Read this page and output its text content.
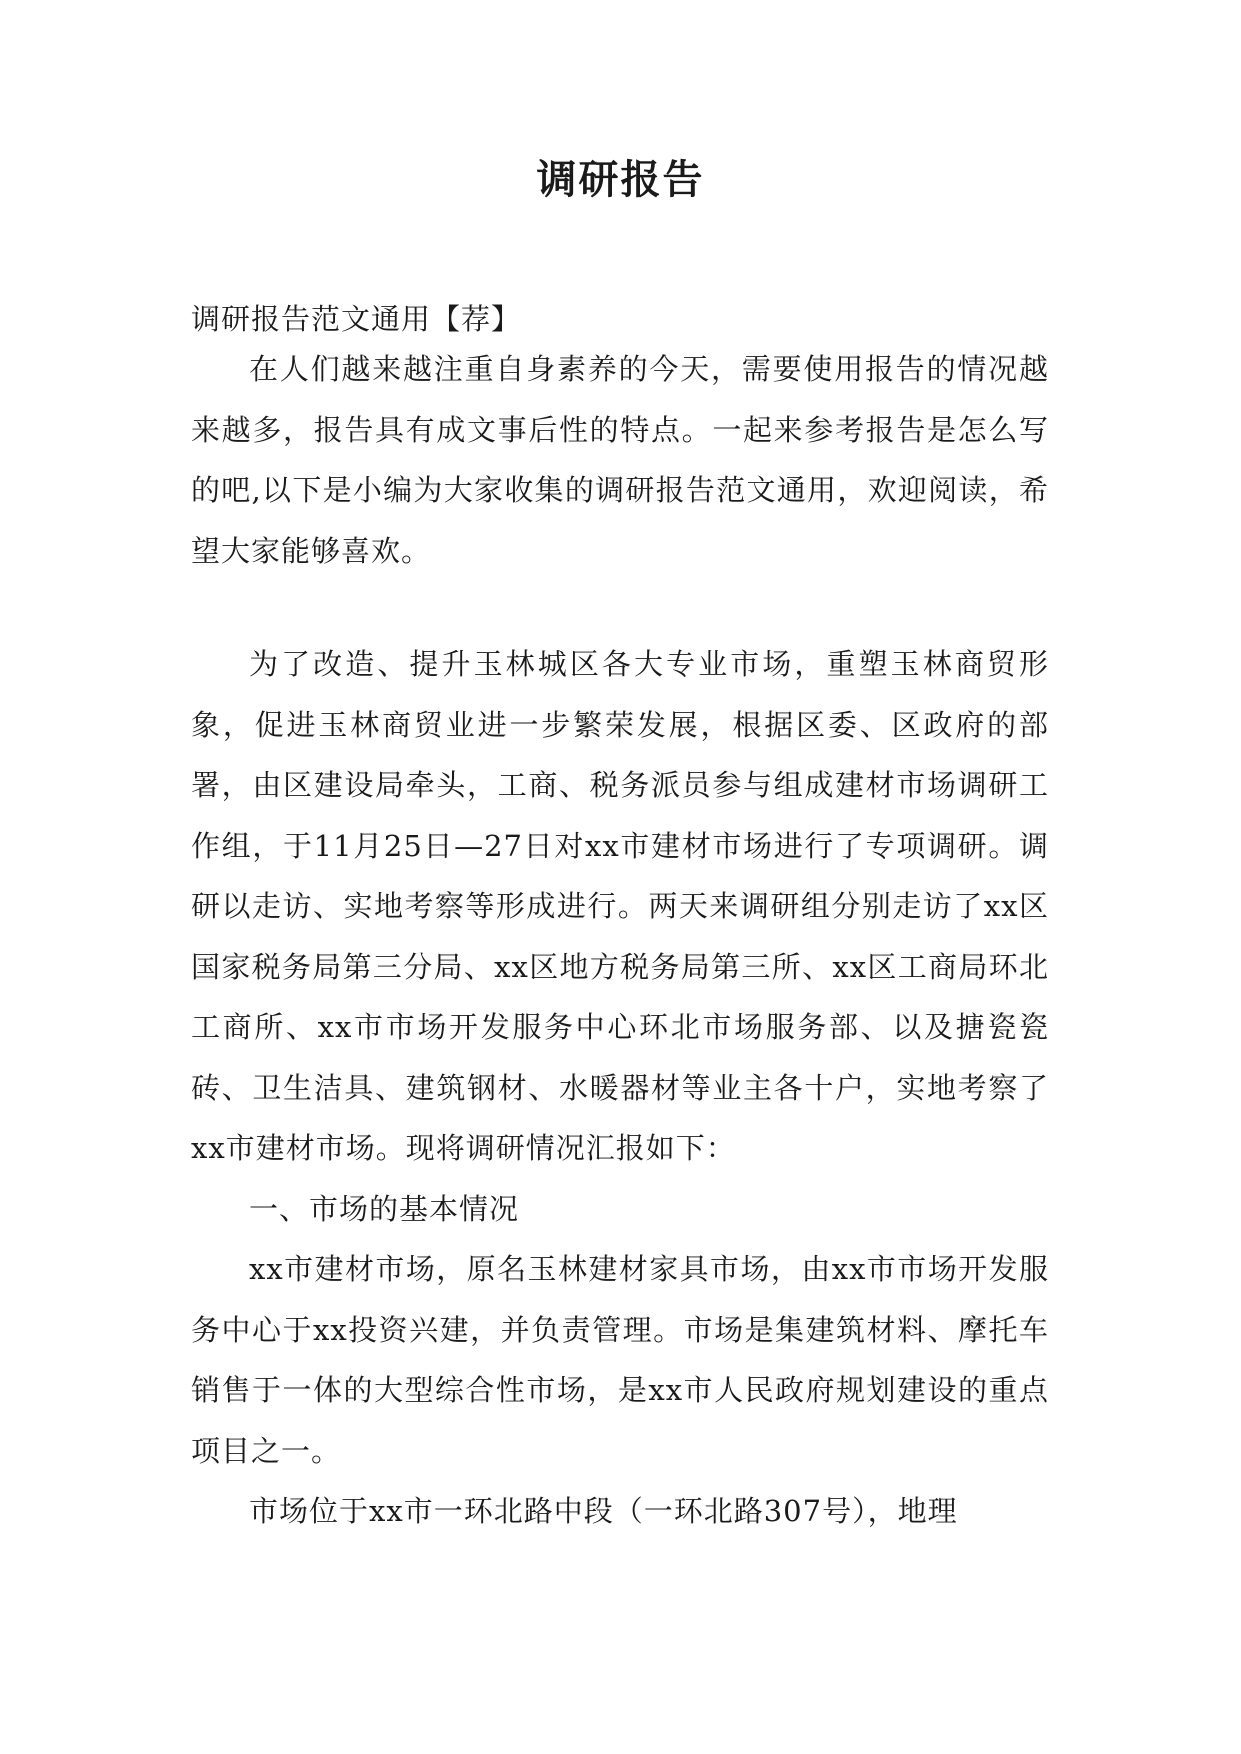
调研报告

调研报告范文通用【荐】

在人们越来越注重自身素养的今天，需要使用报告的情况越来越多，报告具有成文事后性的特点。一起来参考报告是怎么写的吧,以下是小编为大家收集的调研报告范文通用，欢迎阅读，希望大家能够喜欢。

为了改造、提升玉林城区各大专业市场，重塑玉林商贸形象，促进玉林商贸业进一步繁荣发展，根据区委、区政府的部署，由区建设局牵头，工商、税务派员参与组成建材市场调研工作组，于11月25日—27日对xx市建材市场进行了专项调研。调研以走访、实地考察等形成进行。两天来调研组分别走访了xx区国家税务局第三分局、xx区地方税务局第三所、xx区工商局环北工商所、xx市市场开发服务中心环北市场服务部、以及搪瓷瓷砖、卫生洁具、建筑钢材、水暖器材等业主各十户，实地考察了xx市建材市场。现将调研情况汇报如下：

一、市场的基本情况

xx市建材市场，原名玉林建材家具市场，由xx市市场开发服务中心于xx投资兴建，并负责管理。市场是集建筑材料、摩托车销售于一体的大型综合性市场，是xx市人民政府规划建设的重点项目之一。

市场位于xx市一环北路中段（一环北路307号），地理
